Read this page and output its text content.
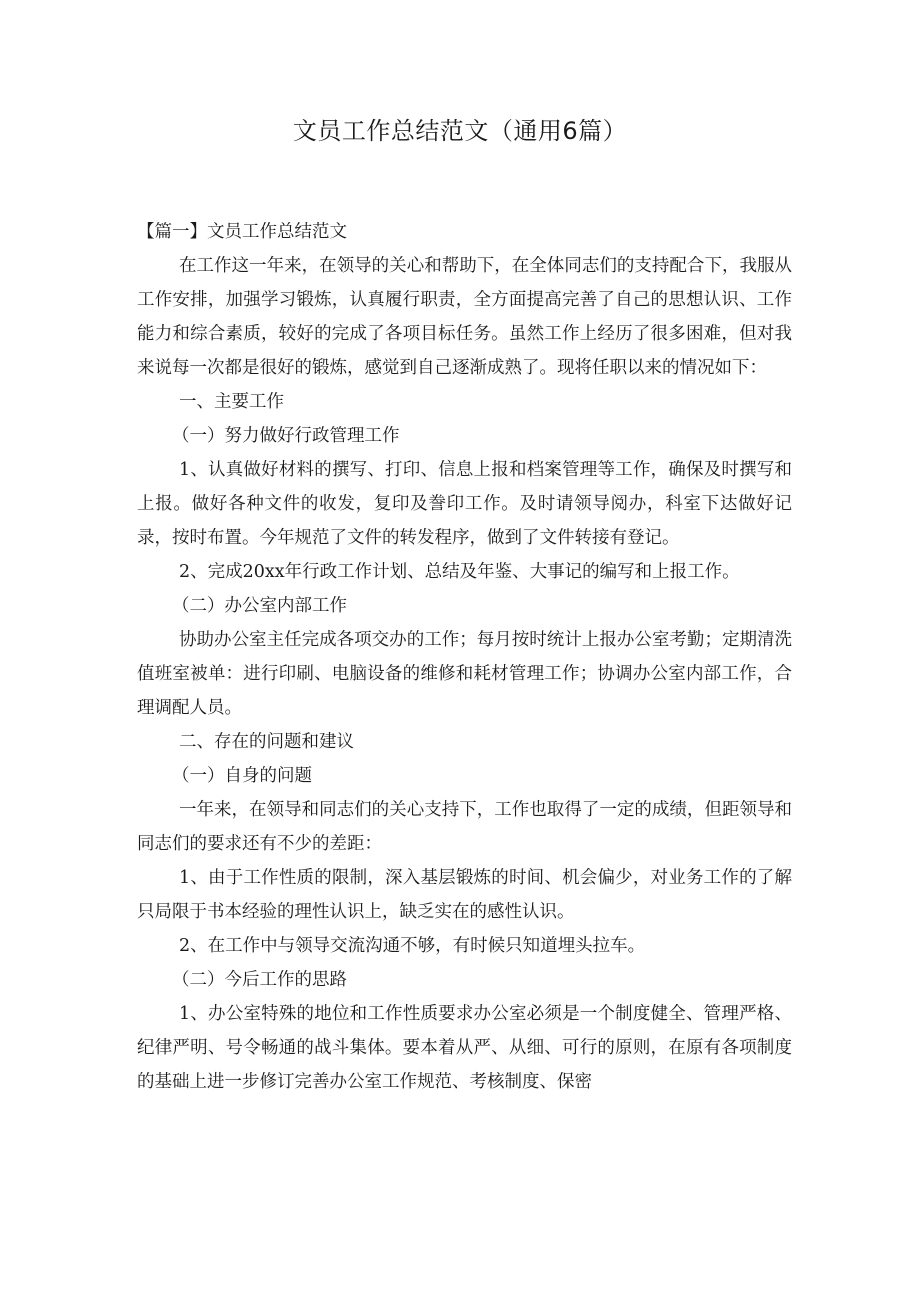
文员工作总结范文（通用6篇）

【篇一】文员工作总结范文

在工作这一年来，在领导的关心和帮助下，在全体同志们的支持配合下，我服从工作安排，加强学习锻炼，认真履行职责，全方面提高完善了自己的思想认识、工作能力和综合素质，较好的完成了各项目标任务。虽然工作上经历了很多困难，但对我来说每一次都是很好的锻炼，感觉到自己逐渐成熟了。现将任职以来的情况如下：

一、主要工作

（一）努力做好行政管理工作

1、认真做好材料的撰写、打印、信息上报和档案管理等工作，确保及时撰写和上报。做好各种文件的收发，复印及誊印工作。及时请领导阅办，科室下达做好记录，按时布置。今年规范了文件的转发程序，做到了文件转接有登记。

2、完成20xx年行政工作计划、总结及年鉴、大事记的编写和上报工作。

（二）办公室内部工作

协助办公室主任完成各项交办的工作；每月按时统计上报办公室考勤；定期清洗值班室被单：进行印刷、电脑设备的维修和耗材管理工作；协调办公室内部工作，合理调配人员。

二、存在的问题和建议

（一）自身的问题

一年来，在领导和同志们的关心支持下，工作也取得了一定的成绩，但距领导和同志们的要求还有不少的差距：

1、由于工作性质的限制，深入基层锻炼的时间、机会偏少，对业务工作的了解只局限于书本经验的理性认识上，缺乏实在的感性认识。

2、在工作中与领导交流沟通不够，有时候只知道埋头拉车。

（二）今后工作的思路

1、办公室特殊的地位和工作性质要求办公室必须是一个制度健全、管理严格、纪律严明、号令畅通的战斗集体。要本着从严、从细、可行的原则，在原有各项制度的基础上进一步修订完善办公室工作规范、考核制度、保密
